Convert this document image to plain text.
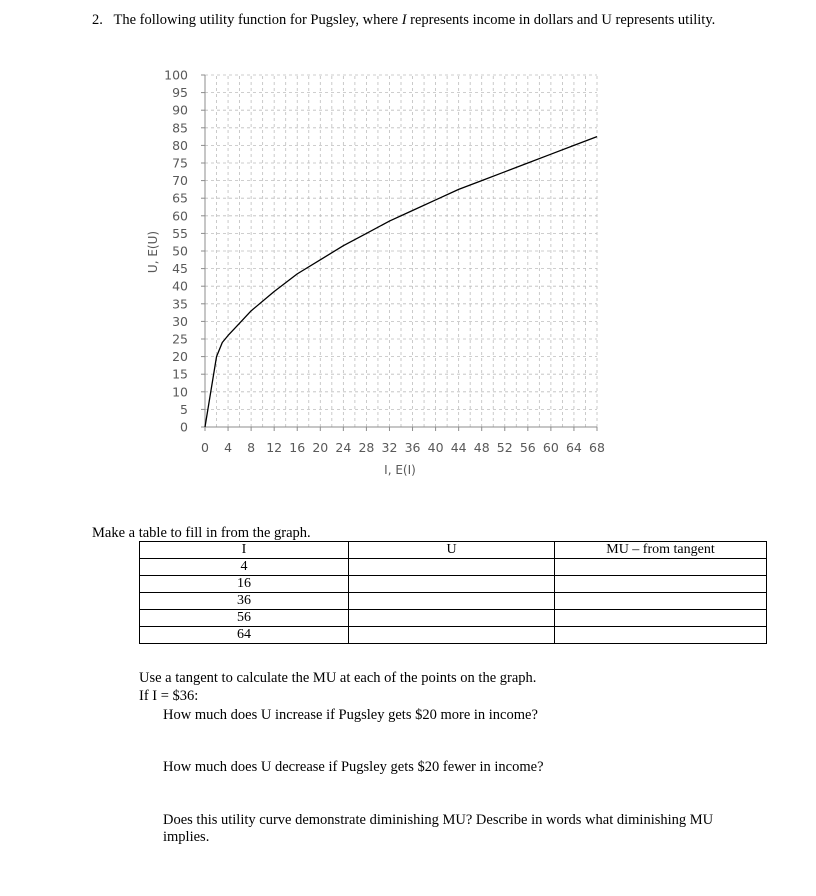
2. The following utility function for Pugsley, where I represents income in dollars and U represents utility.
0
5
10
15
20
25
30
35
40
45
50
55
60
65
70
75
80
85
90
95
100
0 4 8 12 16 20 24 28 32 36 40 44 48 52 56 60 64 68
I, E(I)
U, E(U)
Make a table to fill in from the graph.
I	U	MU – from tangent
4		
16		
36		
56		
64		
Use a tangent to calculate the MU at each of the points on the graph.
If I = $36:
How much does U increase if Pugsley gets $20 more in income?
How much does U decrease if Pugsley gets $20 fewer in income?
Does this utility curve demonstrate diminishing MU? Describe in words what diminishing MU
implies.
